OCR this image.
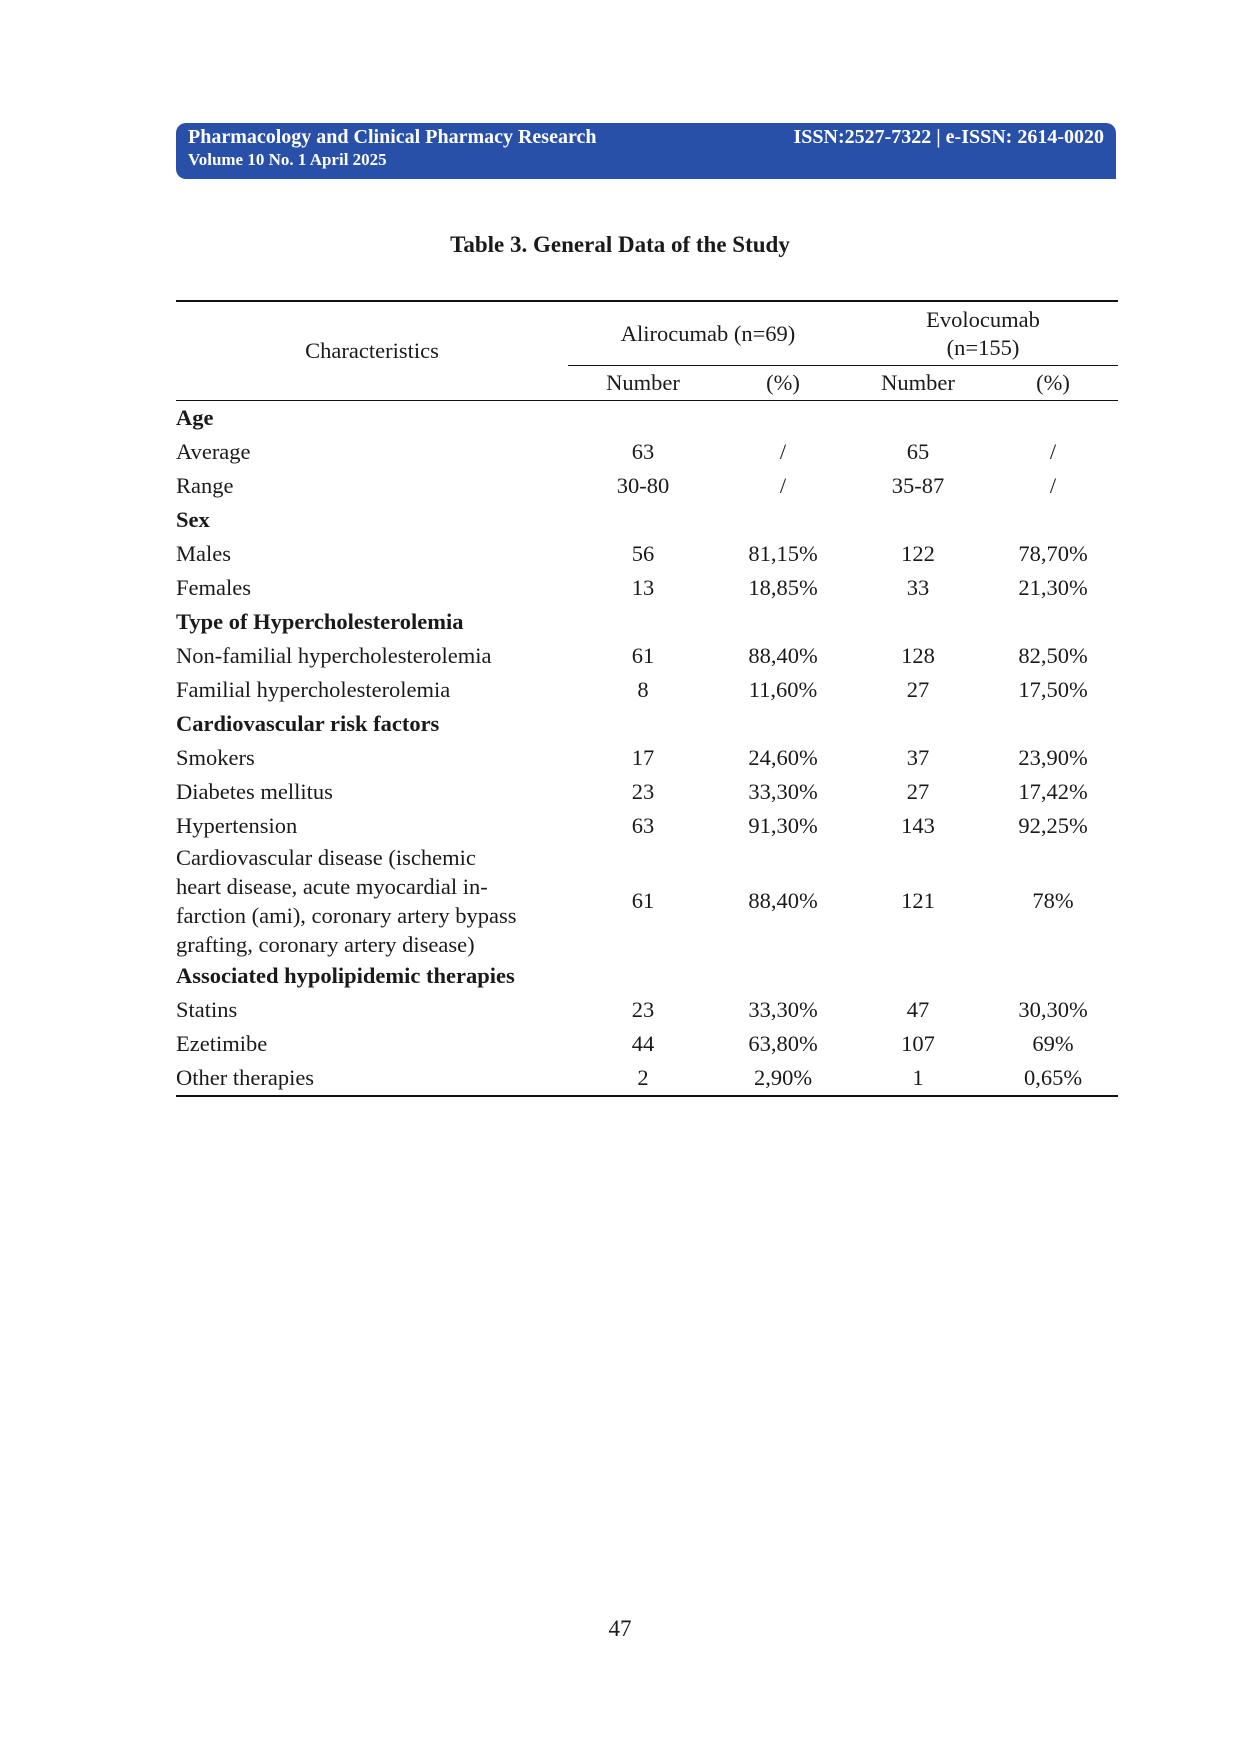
Pharmacology and Clinical Pharmacy Research	ISSN:2527-7322 | e-ISSN: 2614-0020
Volume 10 No. 1 April 2025
Table 3. General Data of the Study
Characteristics	Alirocumab (n=69)		Evolocumab
(n=155)	

	Number	(%)	Number	(%)

Age				
Average	63	/	65	/
Range	30-80	/	35-87	/
Sex				
Males	56	81,15%	122	78,70%
Females	13	18,85%	33	21,30%
Type of Hypercholesterolemia				
Non-familial hypercholesterolemia	61	88,40%	128	82,50%
Familial hypercholesterolemia	8	11,60%	27	17,50%
Cardiovascular risk factors				
Smokers	17	24,60%	37	23,90%
Diabetes mellitus	23	33,30%	27	17,42%
Hypertension	63	91,30%	143	92,25%

Cardiovascular disease (ischemic
heart disease, acute myocardial in-
farction (ami), coronary artery bypass
grafting, coronary artery disease)	61	88,40%	121	78%
Associated hypolipidemic therapies				
Statins	23	33,30%	47	30,30%
Ezetimibe	44	63,80%	107	69%
Other therapies	2	2,90%	1	0,65%
47
